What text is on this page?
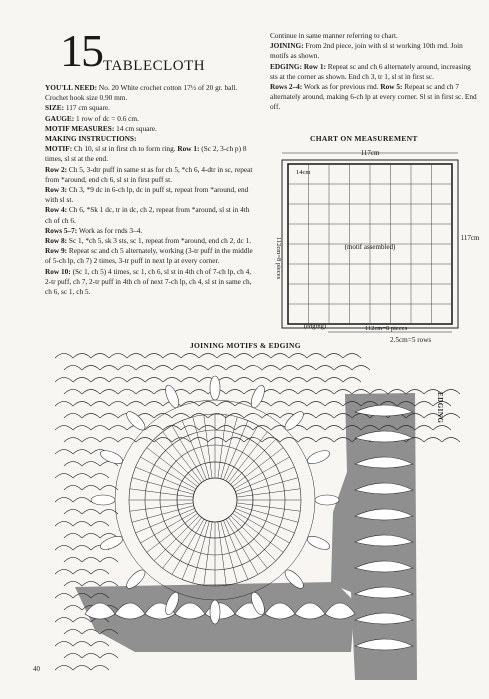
15 TABLECLOTH

YOU'LL NEED: No. 20 White crochet cotton 17½ of 20 gr. ball. Crochet hook size 0.90 mm.

SIZE: 117 cm square.

GAUGE: 1 row of dc = 0.6 cm.

MOTIF MEASURES: 14 cm square.

MAKING INSTRUCTIONS:

MOTIF: Ch 10, sl st in first ch to form ring. Row 1: (Sc 2, 3-ch p) 8 times, sl st at the end.

Row 2: Ch 5, 3-dtr puff in same st as for ch 5, *ch 6, 4-dtr in sc, repeat from *around, end ch 6, sl st in first puff st.

Row 3: Ch 3, *9 dc in 6-ch lp, dc in puff st, repeat from *around, end with sl st.

Row 4: Ch 6, *Sk 1 dc, tr in dc, ch 2, repeat from *around, sl st in 4th ch of ch 6.

Rows 5–7: Work as for rnds 3–4.

Row 8: Sc 1, *ch 5, sk 3 sts, sc 1, repeat from *around, end ch 2, dc 1.

Row 9: Repeat sc and ch 5 alternately, working (3-tr puff in the middle of 5-ch lp, ch 7) 2 times, 3-tr puff in next lp at every corner.

Row 10: (Sc 1, ch 5) 4 times, sc 1, ch 6, sl st in 4th ch of 7-ch lp, ch 4, 2-tr puff, ch 7, 2-tr puff in 4th ch of next 7-ch lp, ch 4, sl st in same ch, ch 6, sc 1, ch 5.

Continue in same manner referring to chart.

JOINING: From 2nd piece, join with sl st working 10th rnd. Join motifs as shown.

EDGING: Row 1: Repeat sc and ch 6 alternately around, increasing sts at the corner as shown. End ch 3, tr 1, sl st in first sc.

Rows 2–4: Work as for previous rnd. Row 5: Repeat sc and ch 7 alternately around, making 6-ch lp at every corner. Sl st in first sc. End off.

CHART ON MEASUREMENT
117cm
14cm
112cm=8 pieces	117cm
(motif assembled)
(edging)	112cm=8 pieces
2.5cm=5 rows
JOINING MOTIFS & EDGING
EDGING
40
